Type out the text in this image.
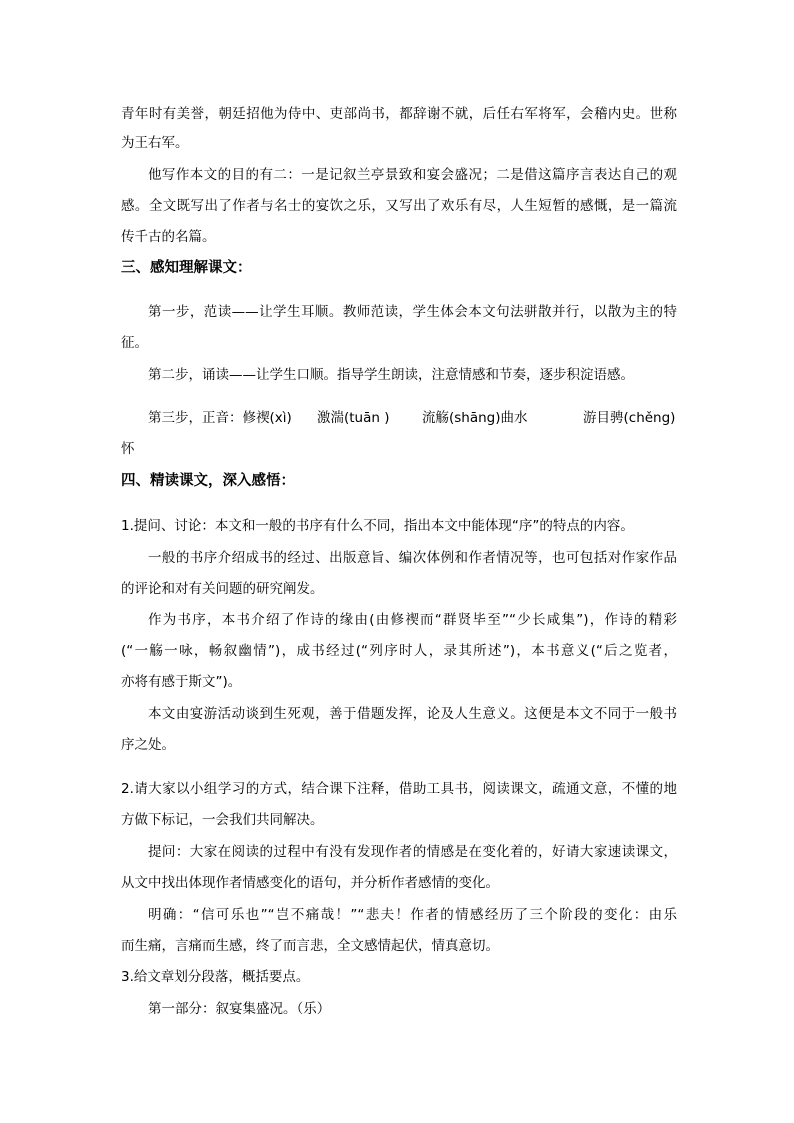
青年时有美誉，朝廷招他为侍中、吏部尚书，都辞谢不就，后任右军将军，会稽内史。世称
为王右军。
他写作本文的目的有二：一是记叙兰亭景致和宴会盛况；二是借这篇序言表达自己的观
感。全文既写出了作者与名士的宴饮之乐，又写出了欢乐有尽，人生短暂的感慨，是一篇流
传千古的名篇。
三、感知理解课文：
第一步，范读——让学生耳顺。教师范读，学生体会本文句法骈散并行，以散为主的特
征。
第二步，诵读——让学生口顺。指导学生朗读，注意情感和节奏，逐步积淀语感。
第三步，正音：修禊(xì) 激湍(tuān ) 流觞(shāng)曲水	游目骋(chěng)
怀
四、精读课文，深入感悟：
1.提问、讨论：本文和一般的书序有什么不同，指出本文中能体现“序”的特点的内容。
一般的书序介绍成书的经过、出版意旨、编次体例和作者情况等，也可包括对作家作品
的评论和对有关问题的研究阐发。
作为书序，本书介绍了作诗的缘由(由修禊而“群贤毕至”“少长咸集”)，作诗的精彩
(“一觞一咏，畅叙幽情”)，成书经过(“列序时人，录其所述”)，本书意义(“后之览者，
亦将有感于斯文”)。
本文由宴游活动谈到生死观，善于借题发挥，论及人生意义。这便是本文不同于一般书
序之处。
2.请大家以小组学习的方式，结合课下注释，借助工具书，阅读课文，疏通文意，不懂的地
方做下标记，一会我们共同解决。
提问：大家在阅读的过程中有没有发现作者的情感是在变化着的，好请大家速读课文，
从文中找出体现作者情感变化的语句，并分析作者感情的变化。
明确：“信可乐也”“岂不痛哉！”“悲夫！作者的情感经历了三个阶段的变化：由乐
而生痛，言痛而生感，终了而言悲，全文感情起伏，情真意切。
3.给文章划分段落，概括要点。
第一部分：叙宴集盛况。（乐）
